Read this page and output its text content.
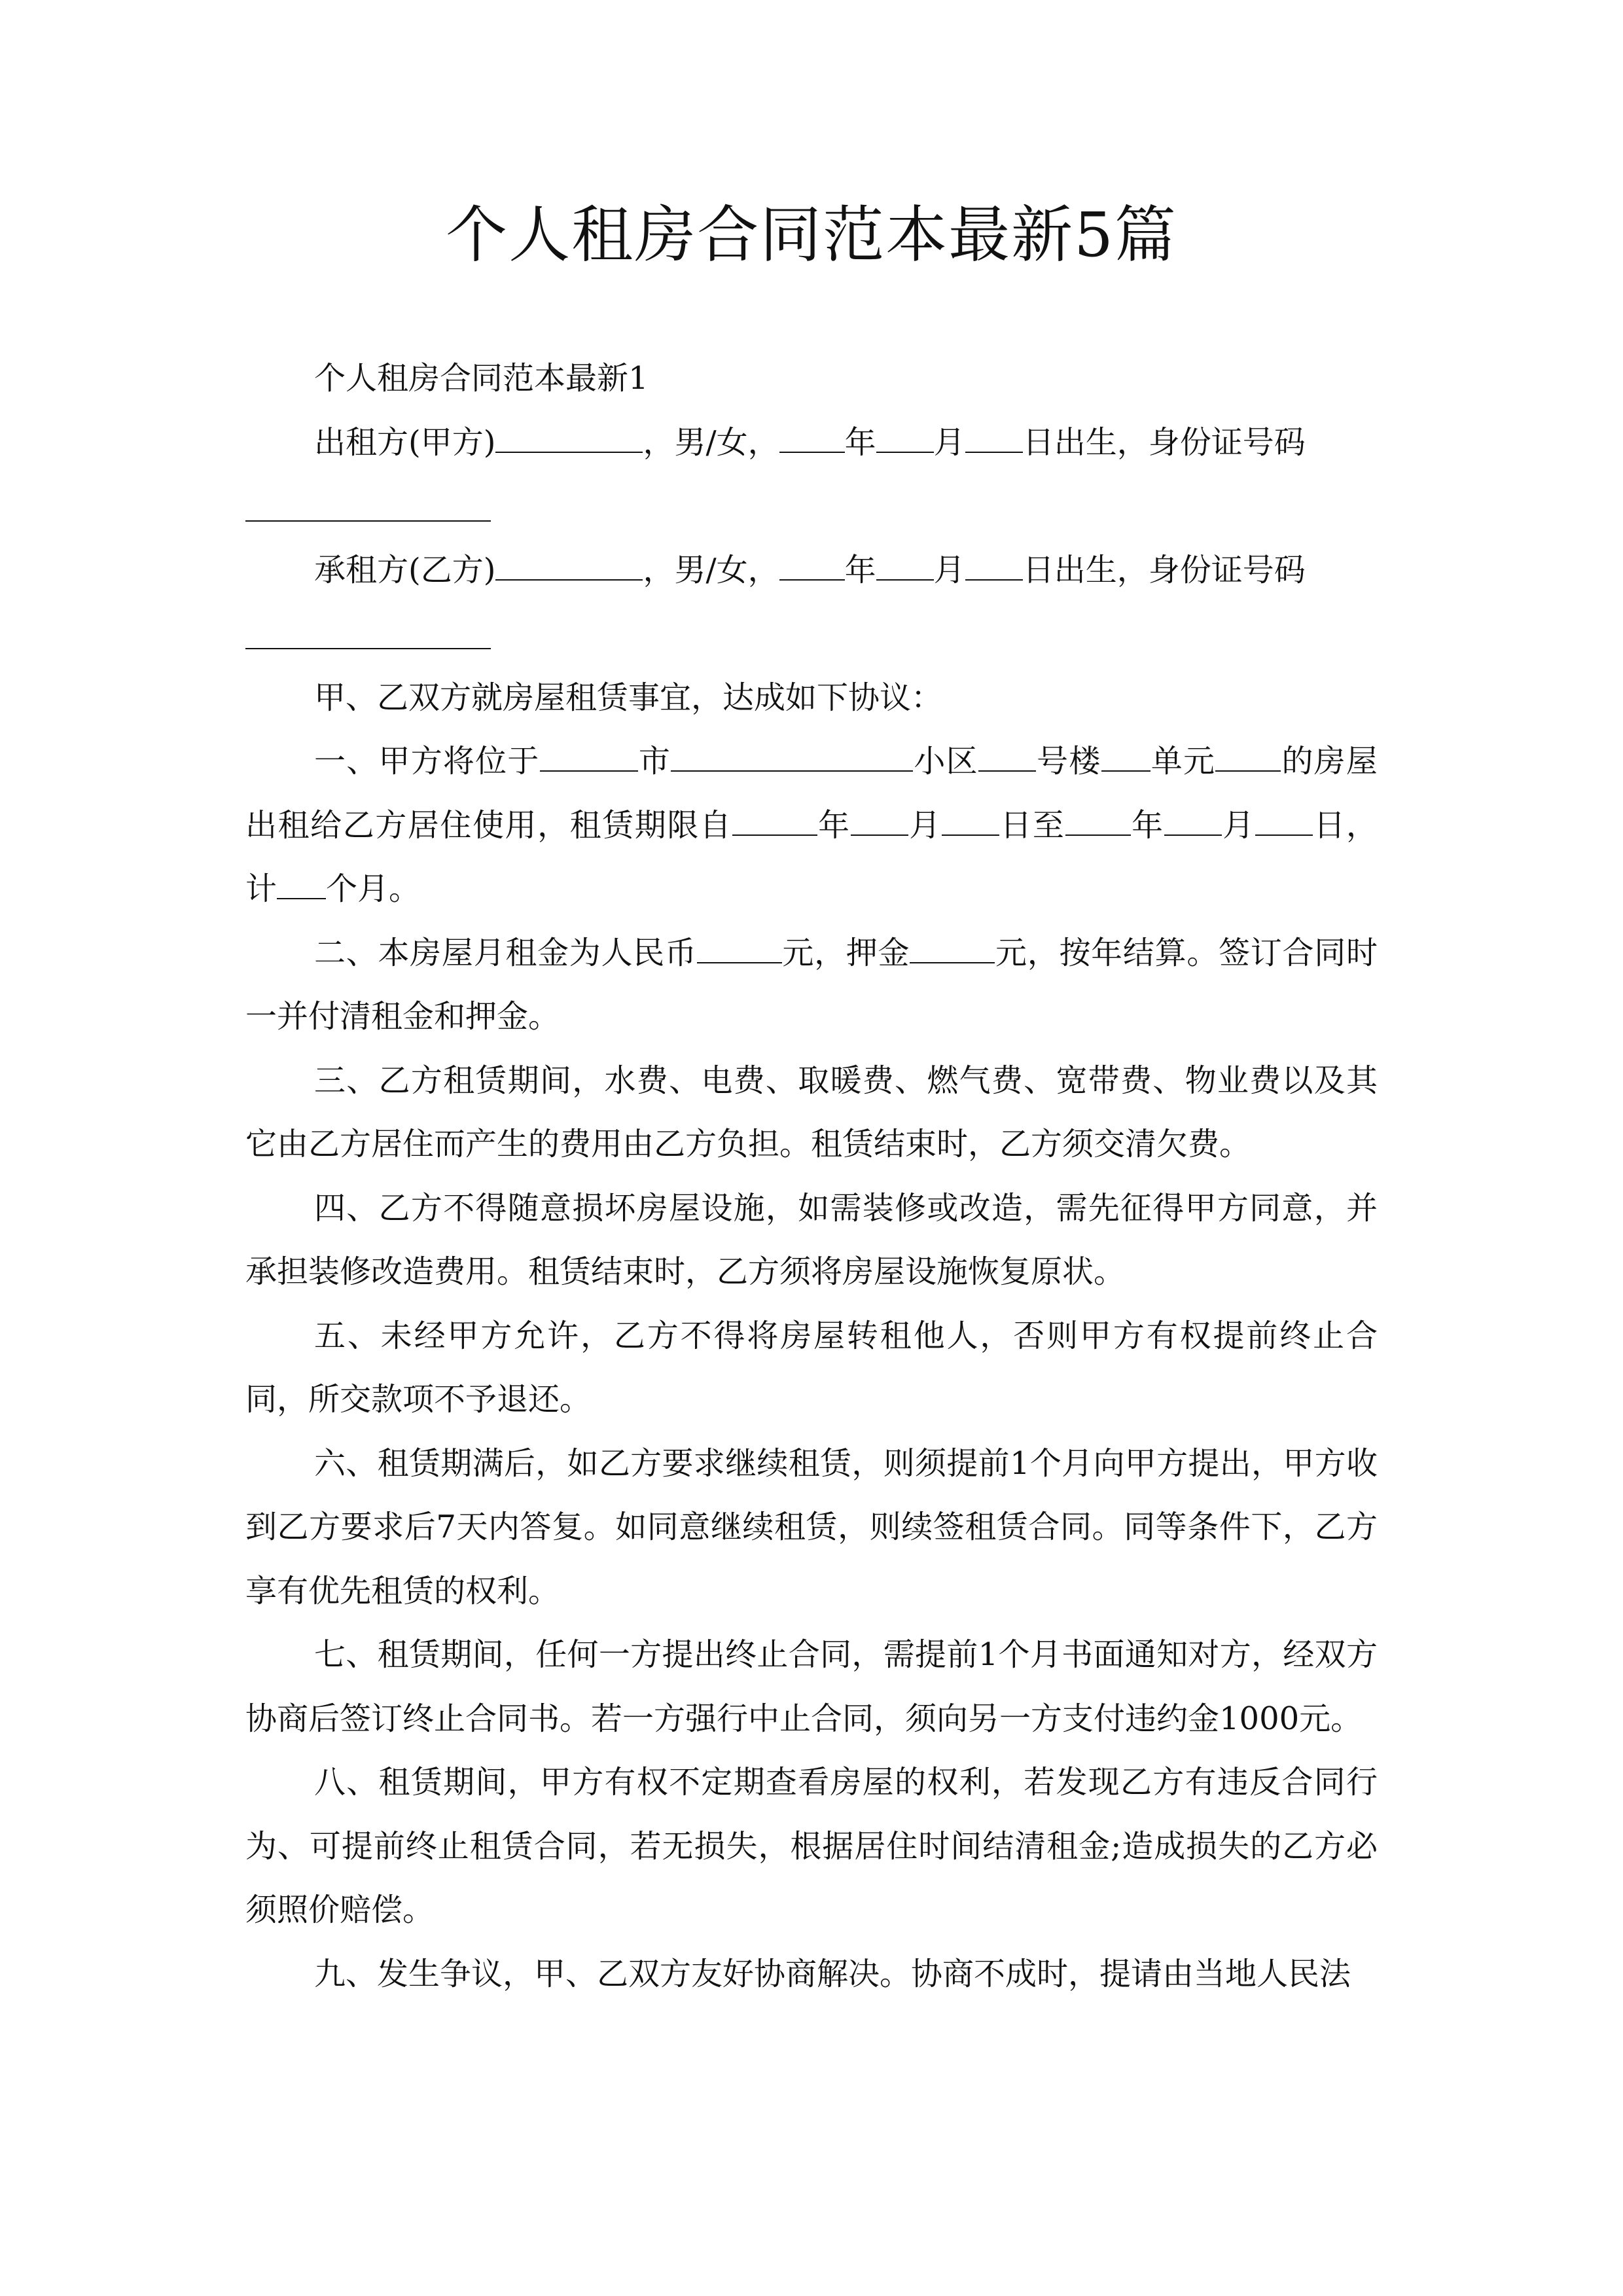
个人租房合同范本最新5篇

个人租房合同范本最新1

出租方(甲方)	，男/女， 年 月 日出生，身份证号码

承租方(乙方)	，男/女， 年 月 日出生，身份证号码

甲、乙双方就房屋租赁事宜，达成如下协议：

一、甲方将位于	市	小区 号楼 单元 的房屋出租给乙方居住使用，租赁期限自	年 月 日至 年 月 日，计 个月。

二、本房屋月租金为人民币	元，押金	元，按年结算。签订合同时一并付清租金和押金。

三、乙方租赁期间，水费、电费、取暖费、燃气费、宽带费、物业费以及其它由乙方居住而产生的费用由乙方负担。租赁结束时，乙方须交清欠费。

四、乙方不得随意损坏房屋设施，如需装修或改造，需先征得甲方同意，并承担装修改造费用。租赁结束时，乙方须将房屋设施恢复原状。

五、未经甲方允许，乙方不得将房屋转租他人，否则甲方有权提前终止合同，所交款项不予退还。

六、租赁期满后，如乙方要求继续租赁，则须提前1个月向甲方提出，甲方收到乙方要求后7天内答复。如同意继续租赁，则续签租赁合同。同等条件下，乙方享有优先租赁的权利。

七、租赁期间，任何一方提出终止合同，需提前1个月书面通知对方，经双方协商后签订终止合同书。若一方强行中止合同，须向另一方支付违约金1000元。

八、租赁期间，甲方有权不定期查看房屋的权利，若发现乙方有违反合同行为、可提前终止租赁合同，若无损失，根据居住时间结清租金;造成损失的乙方必须照价赔偿。

九、发生争议，甲、乙双方友好协商解决。协商不成时，提请由当地人民法
